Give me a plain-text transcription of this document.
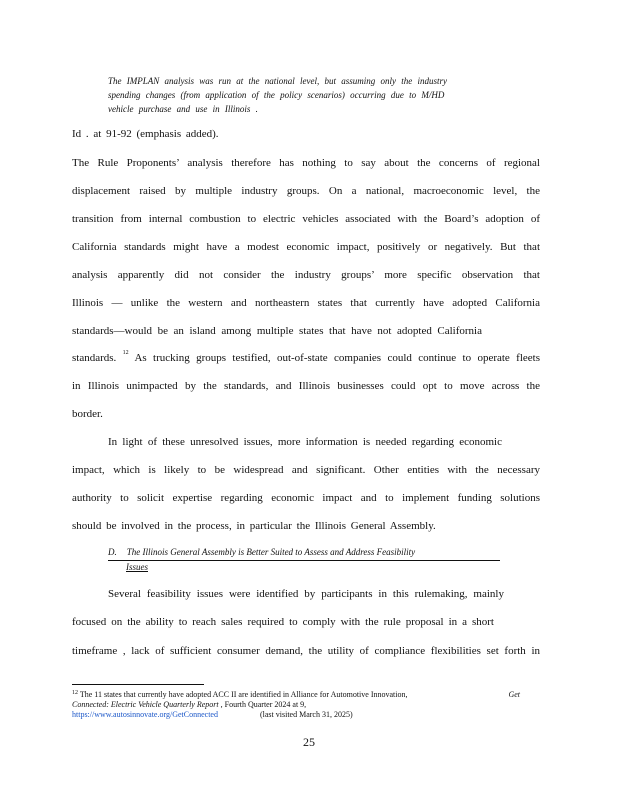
The IMPLAN analysis was run at the national level, but assuming only the industry
spending changes (from application of the policy scenarios) occurring due to M/HD
vehicle purchase and use in Illinois .
Id . at 91-92 (emphasis added).
The Rule Proponents’ analysis therefore has nothing to say about the concerns of regional
displacement raised by multiple industry groups. On a national, macroeconomic level, the
transition from internal combustion to electric vehicles associated with the Board’s adoption of
California standards might have a modest economic impact, positively or negatively. But that
analysis apparently did not consider the industry groups’ more specific observation that
Illinois — unlike the western and northeastern states that currently have adopted California
standards—would be an island among multiple states that have not adopted California
standards. $^{12}$ As trucking groups testified, out-of-state companies could continue to operate fleets
in Illinois unimpacted by the standards, and Illinois businesses could opt to move across the
border.
In light of these unresolved issues, more information is needed regarding economic
impact, which is likely to be widespread and significant. Other entities with the necessary
authority to solicit expertise regarding economic impact and to implement funding solutions
should be involved in the process, in particular the Illinois General Assembly.
D. The Illinois General Assembly is Better Suited to Assess and Address Feasibility
Issues
Several feasibility issues were identified by participants in this rulemaking, mainly
focused on the ability to reach sales required to comply with the rule proposal in a short
timeframe , lack of sufficient consumer demand, the utility of compliance flexibilities set forth in
$^{12}$ The 11 states that currently have adopted ACC II are identified in Alliance for Automotive Innovation,	Get
Connected: Electric Vehicle Quarterly Report , Fourth Quarter 2024 at 9,
https://www.autosinnovate.org/GetConnected	(last visited March 31, 2025)
25
